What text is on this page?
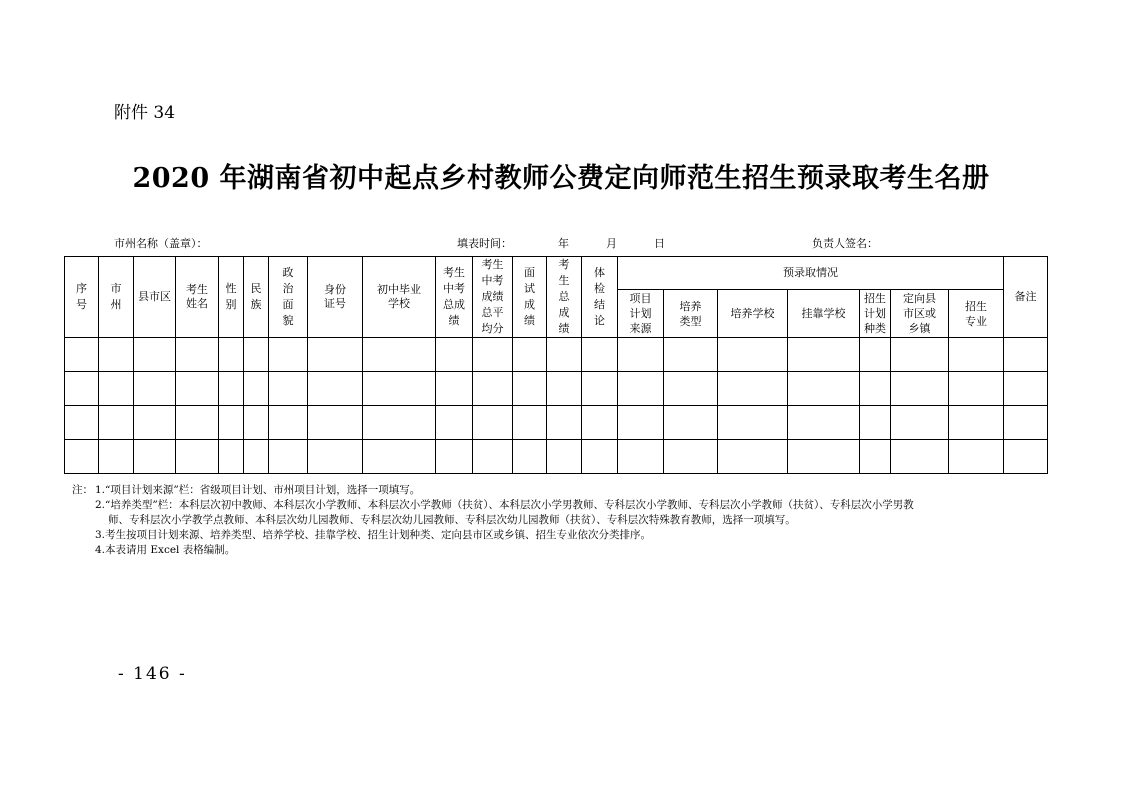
附件 34
2020 年湖南省初中起点乡村教师公费定向师范生招生预录取考生名册
市州名称（盖章）：	填表时间：	年	月	日	负责人签名：
序号	市州	县市区	考生姓名	性别	民族	政治面貌	身份证号	初中毕业学校	考生中考总成绩	考生中考成绩总平均分	面试成绩	考生总成绩	体检结论	预录取情况							备注

														项目计划来源	培养类型	培养学校	挂靠学校	招生计划种类	定向县市区或乡镇	招生专业	

注： 1.“项目计划来源”栏：省级项目计划、市州项目计划，选择一项填写。
2.“培养类型”栏：本科层次初中教师、本科层次小学教师、本科层次小学教师（扶贫）、本科层次小学男教师、专科层次小学教师、专科层次小学教师（扶贫）、专科层次小学男教
师、专科层次小学教学点教师、本科层次幼儿园教师、专科层次幼儿园教师、专科层次幼儿园教师（扶贫）、专科层次特殊教育教师，选择一项填写。
3.考生按项目计划来源、培养类型、培养学校、挂靠学校、招生计划种类、定向县市区或乡镇、招生专业依次分类排序。
4.本表请用 Excel 表格编制。
- 146 -
